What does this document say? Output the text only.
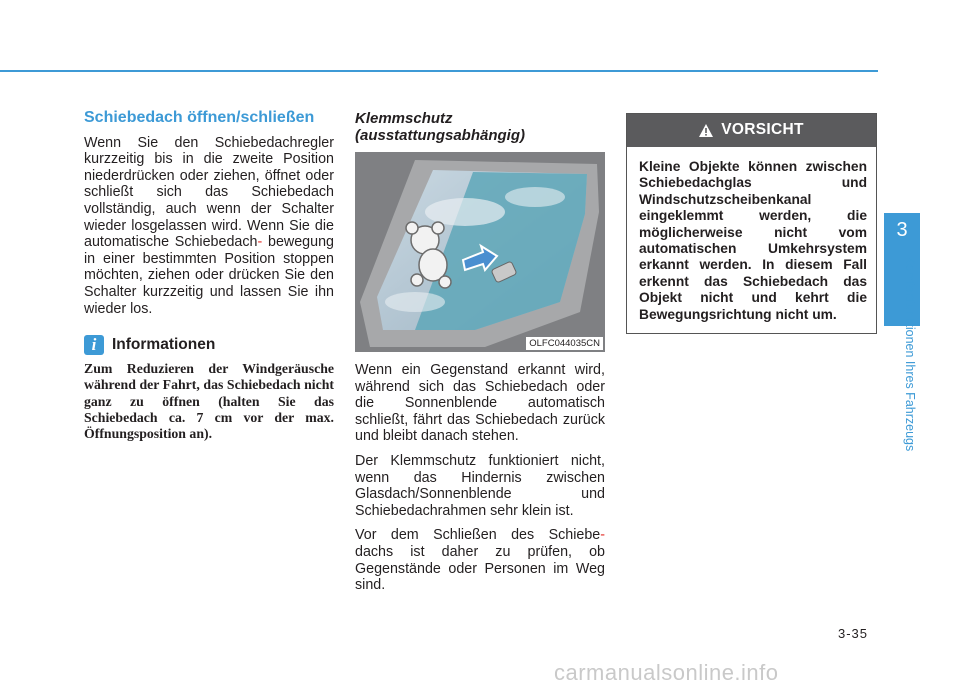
Schiebedach öffnen/schließen

Wenn Sie den Schiebedachregler kurzzeitig bis in die zweite Position niederdrücken oder ziehen, öffnet oder schließt sich das Schiebedach vollständig, auch wenn der Schalter wieder losgelassen wird. Wenn Sie die automatische Schiebedach- bewegung in einer bestimmten Position stoppen möchten, ziehen oder drücken Sie den Schalter kurzzeitig und lassen Sie ihn wieder los.

i	Informationen
Zum Reduzieren der Windgeräusche während der Fahrt, das Schiebedach nicht ganz zu öffnen (halten Sie das Schiebedach ca. 7 cm vor der max. Öffnungsposition an).
Klemmschutz (ausstattungsabhängig)
OLFC044035CN

Wenn ein Gegenstand erkannt wird, während sich das Schiebedach oder die Sonnenblende automatisch schließt, fährt das Schiebedach zurück und bleibt danach stehen.

Der Klemmschutz funktioniert nicht, wenn das Hindernis zwischen Glasdach/Sonnenblende und Schiebedachrahmen sehr klein ist.

Vor dem Schließen des Schiebe- dachs ist daher zu prüfen, ob Gegenstände oder Personen im Weg sind.

VORSICHT
Kleine Objekte können zwischen Schiebedachglas und Windschutzscheibenkanal eingeklemmt werden, die möglicherweise nicht vom automatischen Umkehrsystem erkannt werden. In diesem Fall erkennt das Schiebedach das Objekt nicht und kehrt die Bewegungsrichtung nicht um.
3
Komfortfunktionen Ihres Fahrzeugs
3-35
carmanualsonline.info
